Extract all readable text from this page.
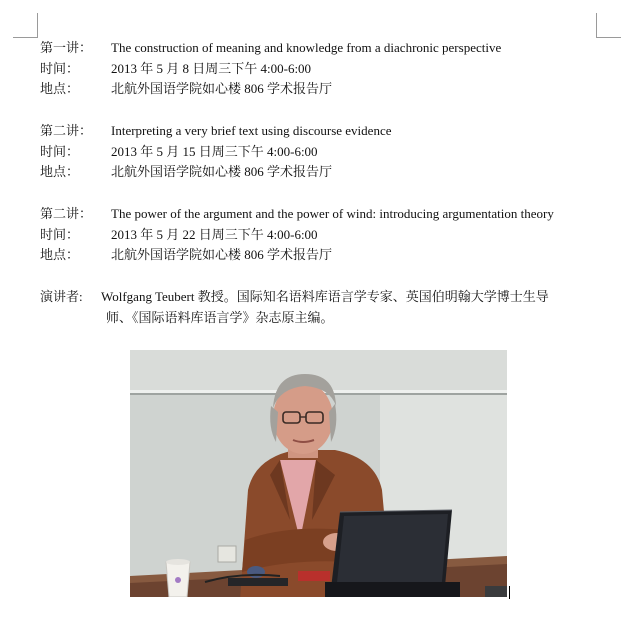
第一讲： The construction of meaning and knowledge from a diachronic perspective
时间： 2013 年 5 月 8 日周三下午 4:00-6:00
地点： 北航外国语学院如心楼 806 学术报告厅
第二讲： Interpreting a very brief text using discourse evidence
时间： 2013 年 5 月 15 日周三下午 4:00-6:00
地点： 北航外国语学院如心楼 806 学术报告厅
第二讲： The power of the argument and the power of wind: introducing argumentation theory
时间： 2013 年 5 月 22 日周三下午 4:00-6:00
地点： 北航外国语学院如心楼 806 学术报告厅
演讲者: Wolfgang Teubert 教授。国际知名语料库语言学专家、英国伯明翰大学博士生导
师、《国际语料库语言学》杂志原主编。
